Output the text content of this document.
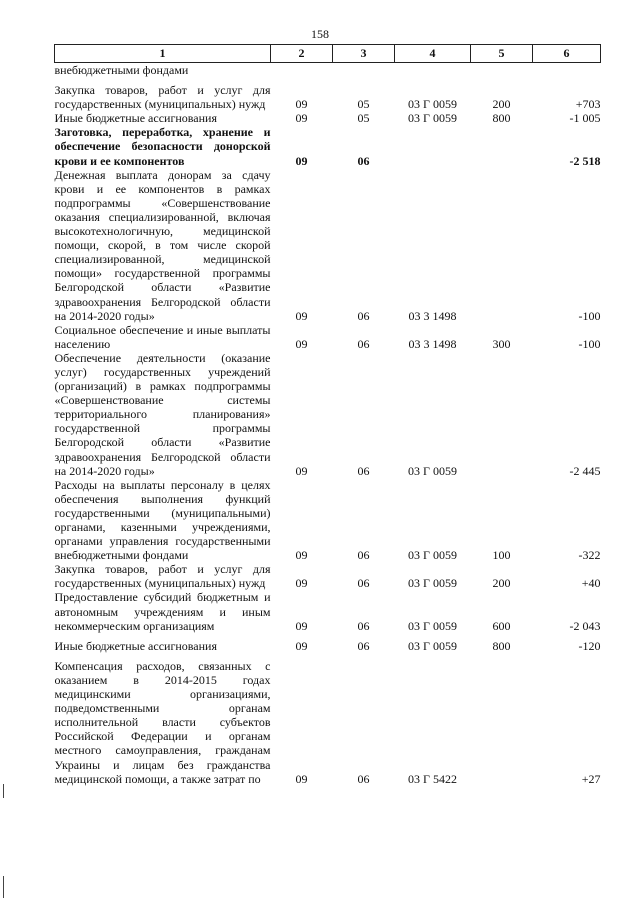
158
1	2	3	4	5	6
внебюджетными фондами					
Закупка товаров, работ и услуг для государственных (муниципальных) нужд	09	05	03 Г 0059	200	+703
Иные бюджетные ассигнования	09	05	03 Г 0059	800	-1 005
Заготовка, переработка, хранение и обеспечение безопасности донорской крови и ее компонентов	09	06			-2 518
Денежная выплата донорам за сдачу крови и ее компонентов в рамках подпрограммы «Совершенствование оказания специализированной, включая высокотехнологичную, медицинской помощи, скорой, в том числе скорой специализированной, медицинской помощи» государственной программы Белгородской области «Развитие здравоохранения Белгородской области на 2014-2020 годы»	09	06	03 3 1498		-100
Социальное обеспечение и иные выплаты населению	09	06	03 3 1498	300	-100
Обеспечение деятельности (оказание услуг) государственных учреждений (организаций) в рамках подпрограммы «Совершенствование системы территориального планирования» государственной программы Белгородской области «Развитие здравоохранения Белгородской области на 2014-2020 годы»	09	06	03 Г 0059		-2 445
Расходы на выплаты персоналу в целях обеспечения выполнения функций государственными (муниципальными) органами, казенными учреждениями, органами управления государственными внебюджетными фондами	09	06	03 Г 0059	100	-322
Закупка товаров, работ и услуг для государственных (муниципальных) нужд	09	06	03 Г 0059	200	+40
Предоставление субсидий бюджетным и автономным учреждениям и иным некоммерческим организациям	09	06	03 Г 0059	600	-2 043
Иные бюджетные ассигнования	09	06	03 Г 0059	800	-120
Компенсация расходов, связанных с оказанием в 2014-2015 годах медицинскими организациями, подведомственными органам исполнительной власти субъектов Российской Федерации и органам местного самоуправления, гражданам Украины и лицам без гражданства медицинской помощи, а также затрат по	09	06	03 Г 5422		+27
